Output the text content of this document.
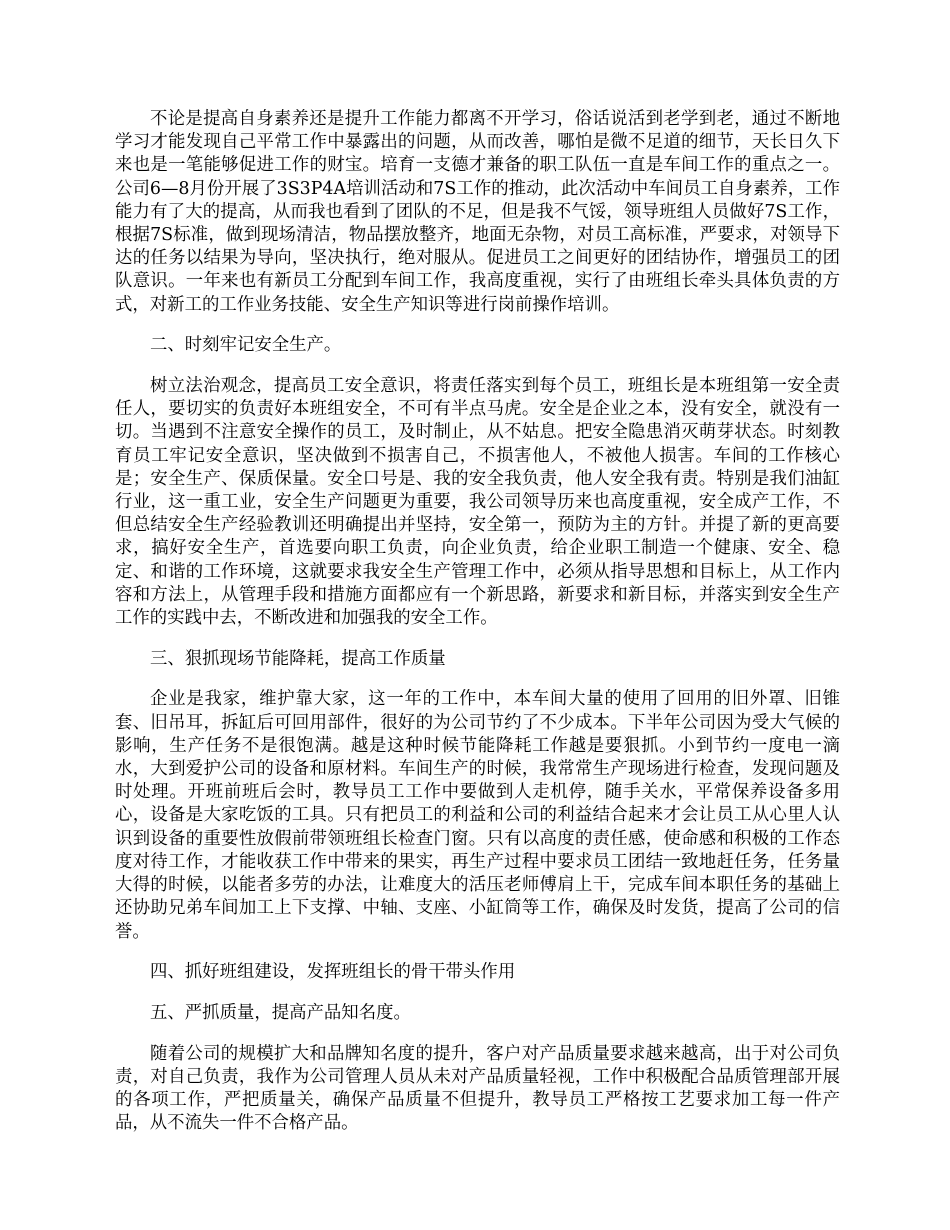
不论是提高自身素养还是提升工作能力都离不开学习，俗话说活到老学到老，通过不断地学习才能发现自己平常工作中暴露出的问题，从而改善，哪怕是微不足道的细节，天长日久下来也是一笔能够促进工作的财宝。培育一支德才兼备的职工队伍一直是车间工作的重点之一。公司6—8月份开展了3S3P4A培训活动和7S工作的推动，此次活动中车间员工自身素养，工作能力有了大的提高，从而我也看到了团队的不足，但是我不气馁，领导班组人员做好7S工作，根据7S标准，做到现场清洁，物品摆放整齐，地面无杂物，对员工高标准，严要求，对领导下达的任务以结果为导向，坚决执行，绝对服从。促进员工之间更好的团结协作，增强员工的团队意识。一年来也有新员工分配到车间工作，我高度重视，实行了由班组长牵头具体负责的方式，对新工的工作业务技能、安全生产知识等进行岗前操作培训。

二、时刻牢记安全生产。

树立法治观念，提高员工安全意识，将责任落实到每个员工，班组长是本班组第一安全责任人，要切实的负责好本班组安全，不可有半点马虎。安全是企业之本，没有安全，就没有一切。当遇到不注意安全操作的员工，及时制止，从不姑息。把安全隐患消灭萌芽状态。时刻教育员工牢记安全意识，坚决做到不损害自己，不损害他人，不被他人损害。车间的工作核心是；安全生产、保质保量。安全口号是、我的安全我负责，他人安全我有责。特别是我们油缸行业，这一重工业，安全生产问题更为重要，我公司领导历来也高度重视，安全成产工作，不但总结安全生产经验教训还明确提出并坚持，安全第一，预防为主的方针。并提了新的更高要求，搞好安全生产，首选要向职工负责，向企业负责，给企业职工制造一个健康、安全、稳定、和谐的工作环境，这就要求我安全生产管理工作中，必须从指导思想和目标上，从工作内容和方法上，从管理手段和措施方面都应有一个新思路，新要求和新目标，并落实到安全生产工作的实践中去，不断改进和加强我的安全工作。

三、狠抓现场节能降耗，提高工作质量

企业是我家，维护靠大家，这一年的工作中，本车间大量的使用了回用的旧外罩、旧锥套、旧吊耳，拆缸后可回用部件，很好的为公司节约了不少成本。下半年公司因为受大气候的影响，生产任务不是很饱满。越是这种时候节能降耗工作越是要狠抓。小到节约一度电一滴水，大到爱护公司的设备和原材料。车间生产的时候，我常常生产现场进行检查，发现问题及时处理。开班前班后会时，教导员工工作中要做到人走机停，随手关水，平常保养设备多用心，设备是大家吃饭的工具。只有把员工的利益和公司的利益结合起来才会让员工从心里人认识到设备的重要性放假前带领班组长检查门窗。只有以高度的责任感，使命感和积极的工作态度对待工作，才能收获工作中带来的果实，再生产过程中要求员工团结一致地赶任务，任务量大得的时候，以能者多劳的办法，让难度大的活压老师傅肩上干，完成车间本职任务的基础上还协助兄弟车间加工上下支撑、中轴、支座、小缸筒等工作，确保及时发货，提高了公司的信誉。

四、抓好班组建设，发挥班组长的骨干带头作用

五、严抓质量，提高产品知名度。

随着公司的规模扩大和品牌知名度的提升，客户对产品质量要求越来越高，出于对公司负责，对自己负责，我作为公司管理人员从未对产品质量轻视，工作中积极配合品质管理部开展的各项工作，严把质量关，确保产品质量不但提升，教导员工严格按工艺要求加工每一件产品，从不流失一件不合格产品。
